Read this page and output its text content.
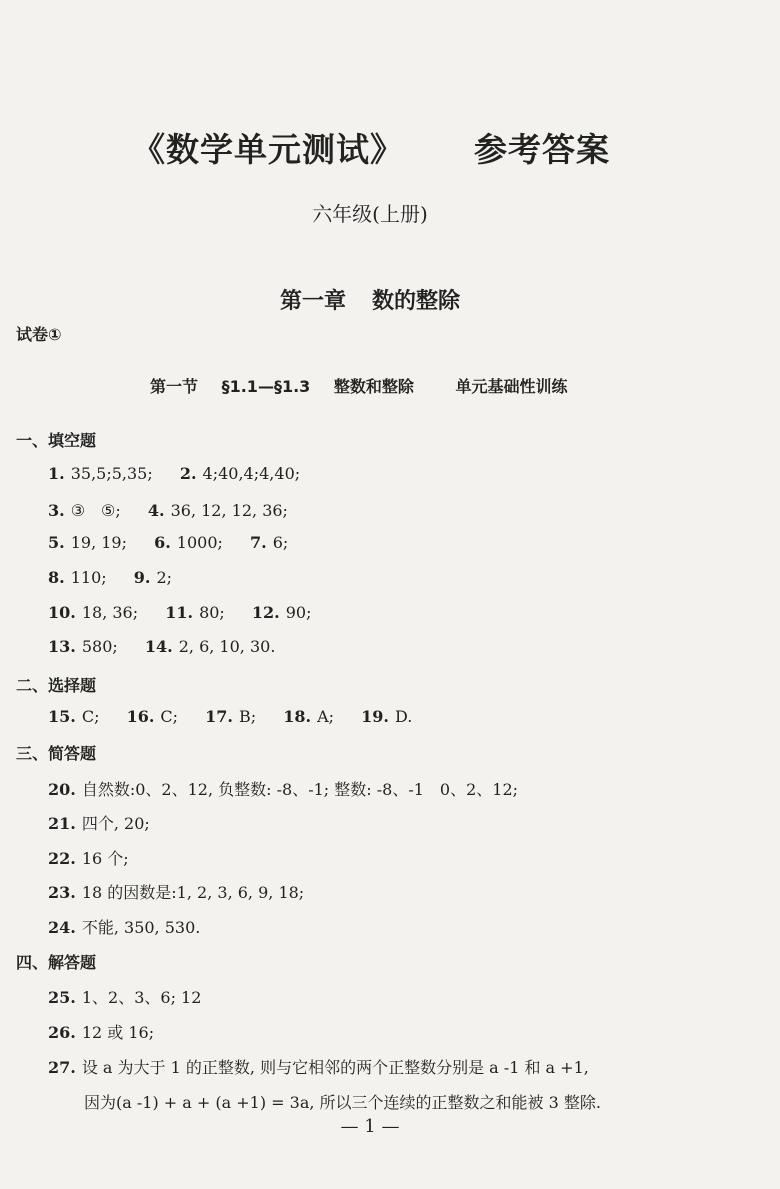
《数学单元测试》 参考答案
六年级(上册)
第一章 数的整除
试卷①
第一节 §1.1—§1.3 整数和整除	单元基础性训练
一、填空题
1. 35,5;5,35; 2. 4;40,4;4,40;
3. ③　⑤; 4. 36, 12, 12, 36;
5. 19, 19; 6. 1000; 7. 6;
8. 110; 9. 2;
10. 18, 36; 11. 80; 12. 90;
13. 580; 14. 2, 6, 10, 30.
二、选择题
15. C; 16. C; 17. B; 18. A; 19. D.
三、简答题
20. 自然数:0、2、12, 负整数: -8、-1; 整数: -8、-1　0、2、12;
21. 四个, 20;
22. 16 个;
23. 18 的因数是:1, 2, 3, 6, 9, 18;
24. 不能, 350, 530.
四、解答题
25. 1、2、3、6; 12
26. 12 或 16;
27. 设 a 为大于 1 的正整数, 则与它相邻的两个正整数分别是 a -1 和 a +1,
因为(a -1) + a + (a +1) = 3a, 所以三个连续的正整数之和能被 3 整除.
— 1 —
